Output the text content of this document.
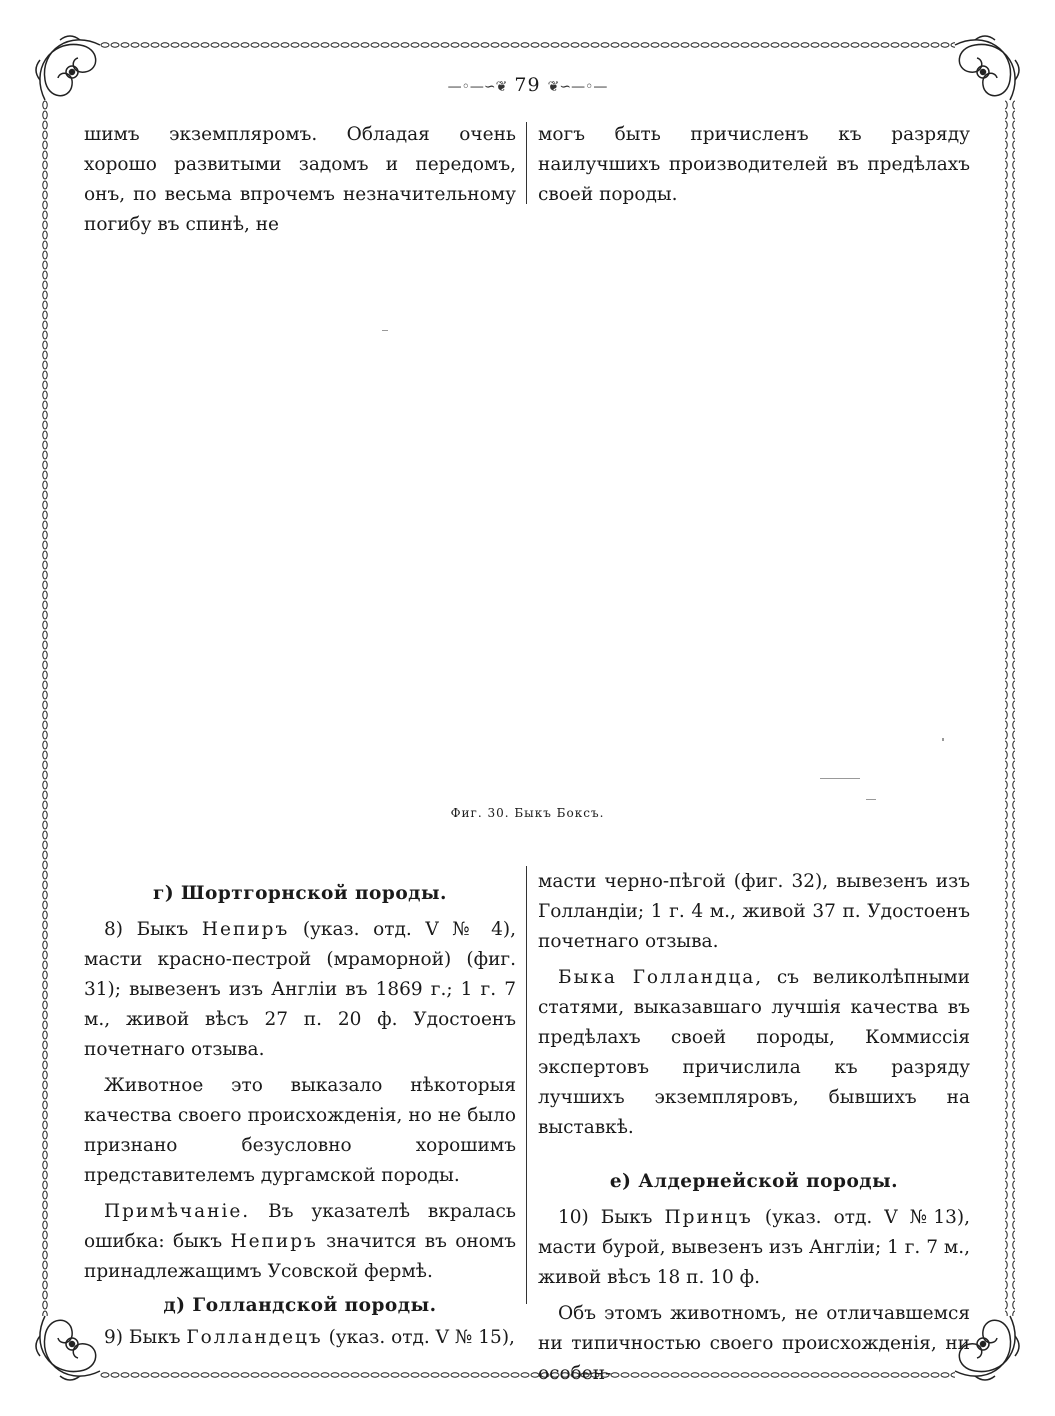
—◦—∽❦ 79 ❦∽—◦—

шимъ экземпляромъ. Обладая очень хорошо развитыми задомъ и передомъ, онъ, по весьма впрочемъ незначительному погибу въ спинѣ, не

могъ быть причисленъ къ разряду наилучшихъ производителей въ предѣлахъ своей породы.

Фиг. 30. Быкъ Боксъ.

г) Шортгорнской породы.

8) Быкъ Непиръ (указ. отд. V № 4), масти красно-пестрой (мраморной) (фиг. 31); вывезенъ изъ Англіи въ 1869 г.; 1 г. 7 м., живой вѣсъ 27 п. 20 ф. Удостоенъ почетнаго отзыва.

Животное это выказало нѣкоторыя качества своего происхожденія, но не было признано безусловно хорошимъ представителемъ дургамской породы.

Примѣчаніе. Въ указателѣ вкралась ошибка: быкъ Непиръ значится въ ономъ принадлежащимъ Усовской фермѣ.

д) Голландской породы.

9) Быкъ Голландецъ (указ. отд. V № 15),

масти черно-пѣгой (фиг. 32), вывезенъ изъ Голландіи; 1 г. 4 м., живой 37 п. Удостоенъ почетнаго отзыва.

Быка Голландца, съ великолѣпными статями, выказавшаго лучшія качества въ предѣлахъ своей породы, Коммиссія экспертовъ причислила къ разряду лучшихъ экземпляровъ, бывшихъ на выставкѣ.

е) Алдернейской породы.

10) Быкъ Принцъ (указ. отд. V №13), масти бурой, вывезенъ изъ Англіи; 1 г. 7 м., живой вѣсъ 18 п. 10 ф.

Объ этомъ животномъ, не отличавшемся ни типичностью своего происхожденія, ни особен-
